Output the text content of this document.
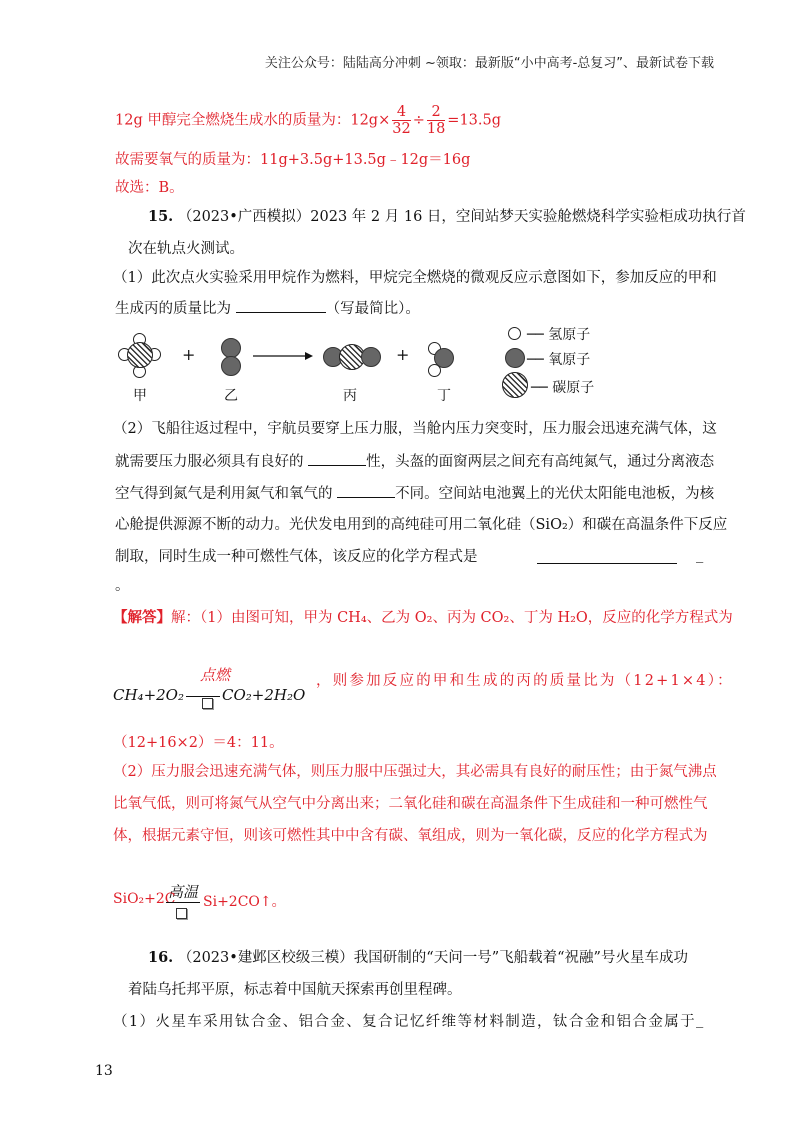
关注公众号：陆陆高分冲刺 ~领取：最新版“小中高考-总复习”、最新试卷下载
12g 甲醇完全燃烧生成水的质量为：$12g\times \frac{4}{32} \div \frac{2}{18} =13.5g$
故需要氧气的质量为：11g+3.5g+13.5g﹣12g＝16g
故选：B。
15. （2023•广西模拟）2023 年 2 月 16 日，空间站梦天实验舱燃烧科学实验柜成功执行首
次在轨点火测试。
（1）此次点火实验采用甲烷作为燃料，甲烷完全燃烧的微观反应示意图如下，参加反应的甲和
生成丙的质量比为	（写最简比）。
+	+
甲	乙	丙	丁
── 氢原子
── 氧原子
── 碳原子
（2）飞船往返过程中，宇航员要穿上压力服，当舱内压力突变时，压力服会迅速充满气体，这
就需要压力服必须具有良好的	性，头盔的面窗两层之间充有高纯氮气，通过分离液态
空气得到氮气是利用氮气和氧气的	不同。空间站电池翼上的光伏太阳能电池板，为核
心舱提供源源不断的动力。光伏发电用到的高纯硅可用二氧化硅（SiO₂）和碳在高温条件下反应
制取，同时生成一种可燃性气体，该反应的化学方程式是	_
。
【解答】解：（1）由图可知，甲为 CH₄、乙为 O₂、丙为 CO₂、丁为 H₂O，反应的化学方程式为
点燃
CH₄+2O₂	CO₂+2H₂O
，则参加反应的甲和生成的丙的质量比为（12+1×4）：
（12+16×2）＝4：11。
（2）压力服会迅速充满气体，则压力服中压强过大，其必需具有良好的耐压性；由于氮气沸点
比氧气低，则可将氮气从空气中分离出来；二氧化硅和碳在高温条件下生成硅和一种可燃性气
体，根据元素守恒，则该可燃性其中中含有碳、氧组成，则为一氧化碳，反应的化学方程式为
高温
SiO₂+2C Si+2CO↑。
16. （2023•建邺区校级三模）我国研制的“天问一号”飞船载着“祝融”号火星车成功
着陆乌托邦平原，标志着中国航天探索再创里程碑。
（1）火星车采用钛合金、铝合金、复合记忆纤维等材料制造，钛合金和铝合金属于 _
13
